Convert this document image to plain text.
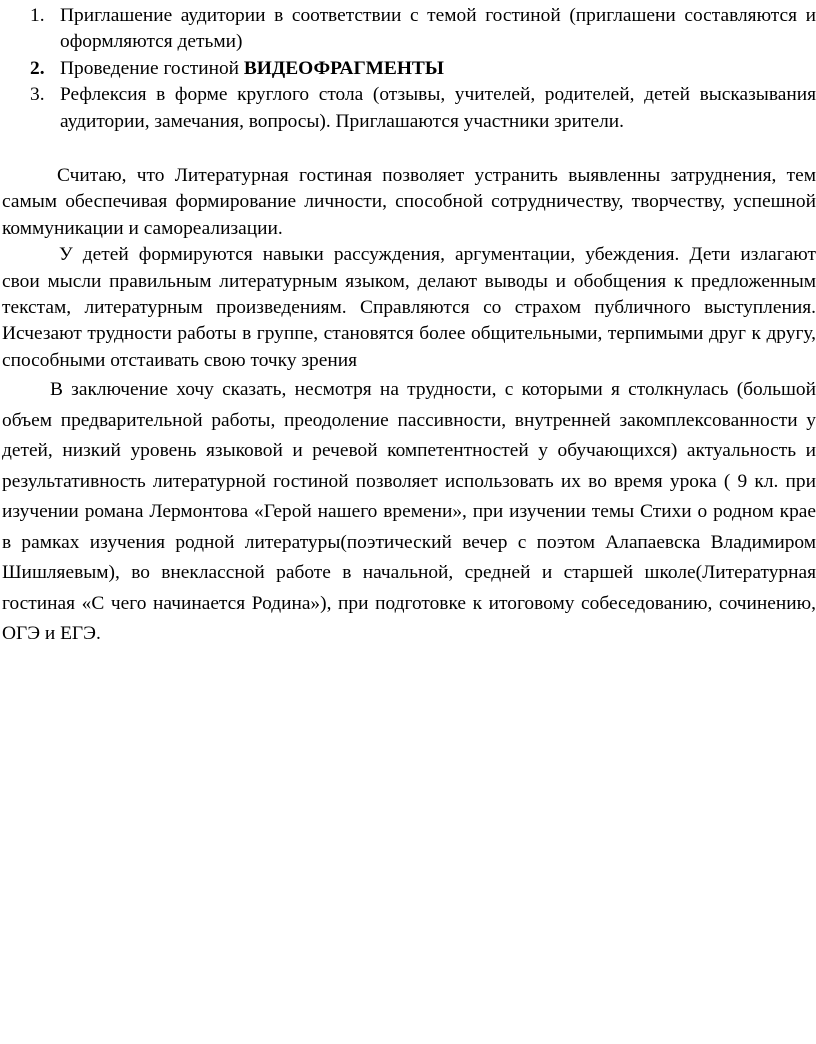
1. Приглашение аудитории в соответствии с темой гостиной (приглашени составляются и оформляются детьми)
2. Проведение гостиной ВИДЕОФРАГМЕНТЫ
3. Рефлексия в форме круглого стола (отзывы, учителей, родителей, детей высказывания аудитории, замечания, вопросы). Приглашаются участники зрители.

Считаю, что Литературная гостиная позволяет устранить выявленны затруднения, тем самым обеспечивая формирование личности, способной сотрудничеству, творчеству, успешной коммуникации и самореализации.

У детей формируются навыки рассуждения, аргументации, убеждения. Дети излагают свои мысли правильным литературным языком, делают выводы и обобщения к предложенным текстам, литературным произведениям. Справляются со страхом публичного выступления. Исчезают трудности работы в группе, становятся более общительными, терпимыми друг к другу, способными отстаивать свою точку зрения

В заключение хочу сказать, несмотря на трудности, с которыми я столкнулась (большой объем предварительной работы, преодоление пассивности, внутренней закомплексованности у детей, низкий уровень языковой и речевой компетентностей у обучающихся) актуальность и результативность литературной гостиной позволяет использовать их во время урока ( 9 кл. при изучении романа Лермонтова «Герой нашего времени», при изучении темы Стихи о родном крае в рамках изучения родной литературы(поэтический вечер с поэтом Алапаевска Владимиром Шишляевым), во внеклассной работе в начальной, средней и старшей школе(Литературная гостиная «С чего начинается Родина»), при подготовке к итоговому собеседованию, сочинению, ОГЭ и ЕГЭ.
